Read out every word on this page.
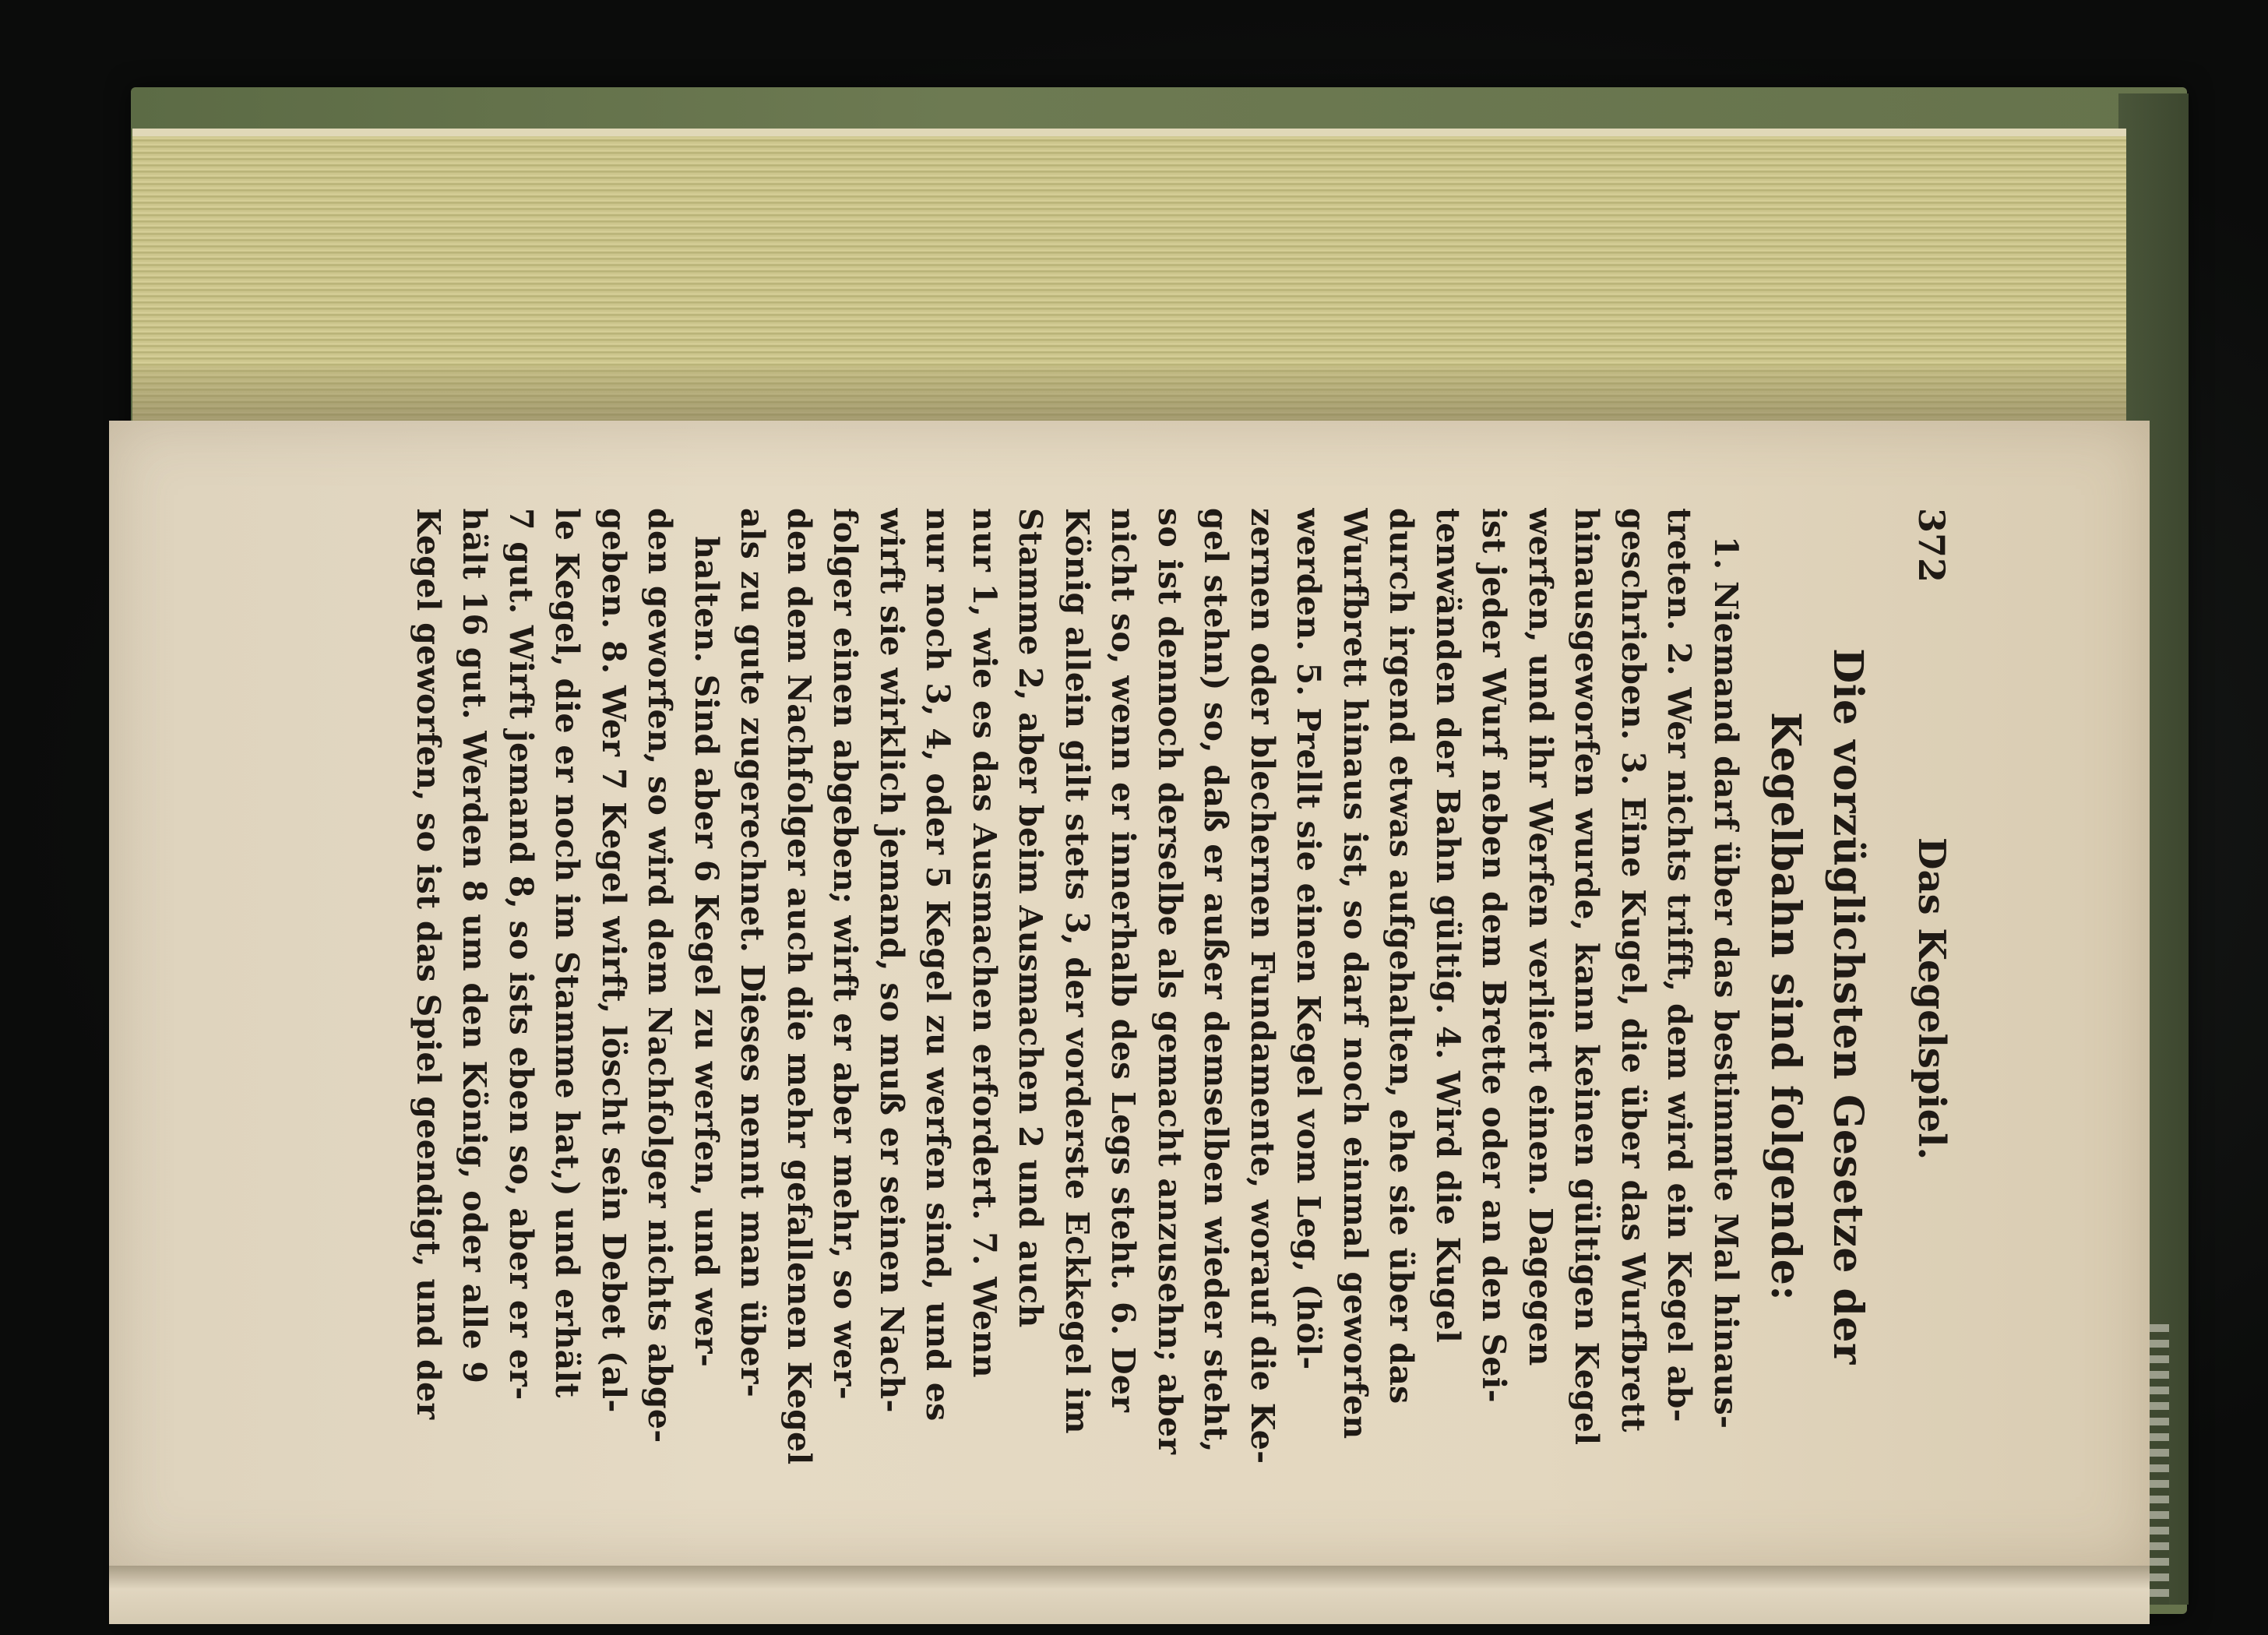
372
Das Kegelspiel.
Die vorzüglichsten Gesetze der Kegelbahn sind folgende:
1. Niemand darf über das bestimmte Mal hinaus-
treten. 2. Wer nichts trifft, dem wird ein Kegel ab-
geschrieben. 3. Eine Kugel, die über das Wurfbrett
hinausgeworfen wurde, kann keinen gültigen Kegel
werfen, und ihr Werfen verliert einen. Dagegen
ist jeder Wurf neben dem Brette oder an den Sei-
tenwänden der Bahn gültig. 4. Wird die Kugel
durch irgend etwas aufgehalten, ehe sie über das
Wurfbrett hinaus ist, so darf noch einmal geworfen
werden. 5. Prellt sie einen Kegel vom Leg, (höl-
zernen oder blechernen Fundamente, worauf die Ke-
gel stehn) so, daß er außer demselben wieder steht,
so ist dennoch derselbe als gemacht anzusehn; aber
nicht so, wenn er innerhalb des Legs steht. 6. Der
König allein gilt stets 3, der vorderste Eckkegel im
Stamme 2, aber beim Ausmachen 2 und auch
nur 1, wie es das Ausmachen erfordert. 7. Wenn
nur noch 3, 4, oder 5 Kegel zu werfen sind, und es
wirft sie wirklich jemand, so muß er seinen Nach-
folger einen abgeben; wirft er aber mehr, so wer-
den dem Nachfolger auch die mehr gefallenen Kegel
als zu gute zugerechnet. Dieses nennt man über-
halten. Sind aber 6 Kegel zu werfen, und wer-
den geworfen, so wird dem Nachfolger nichts abge-
geben. 8. Wer 7 Kegel wirft, löscht sein Debet (al-
le Kegel, die er noch im Stamme hat,) und erhält
7 gut. Wirft jemand 8, so ists eben so, aber er er-
hält 16 gut. Werden 8 um den König, oder alle 9
Kegel geworfen, so ist das Spiel geendigt, und der
